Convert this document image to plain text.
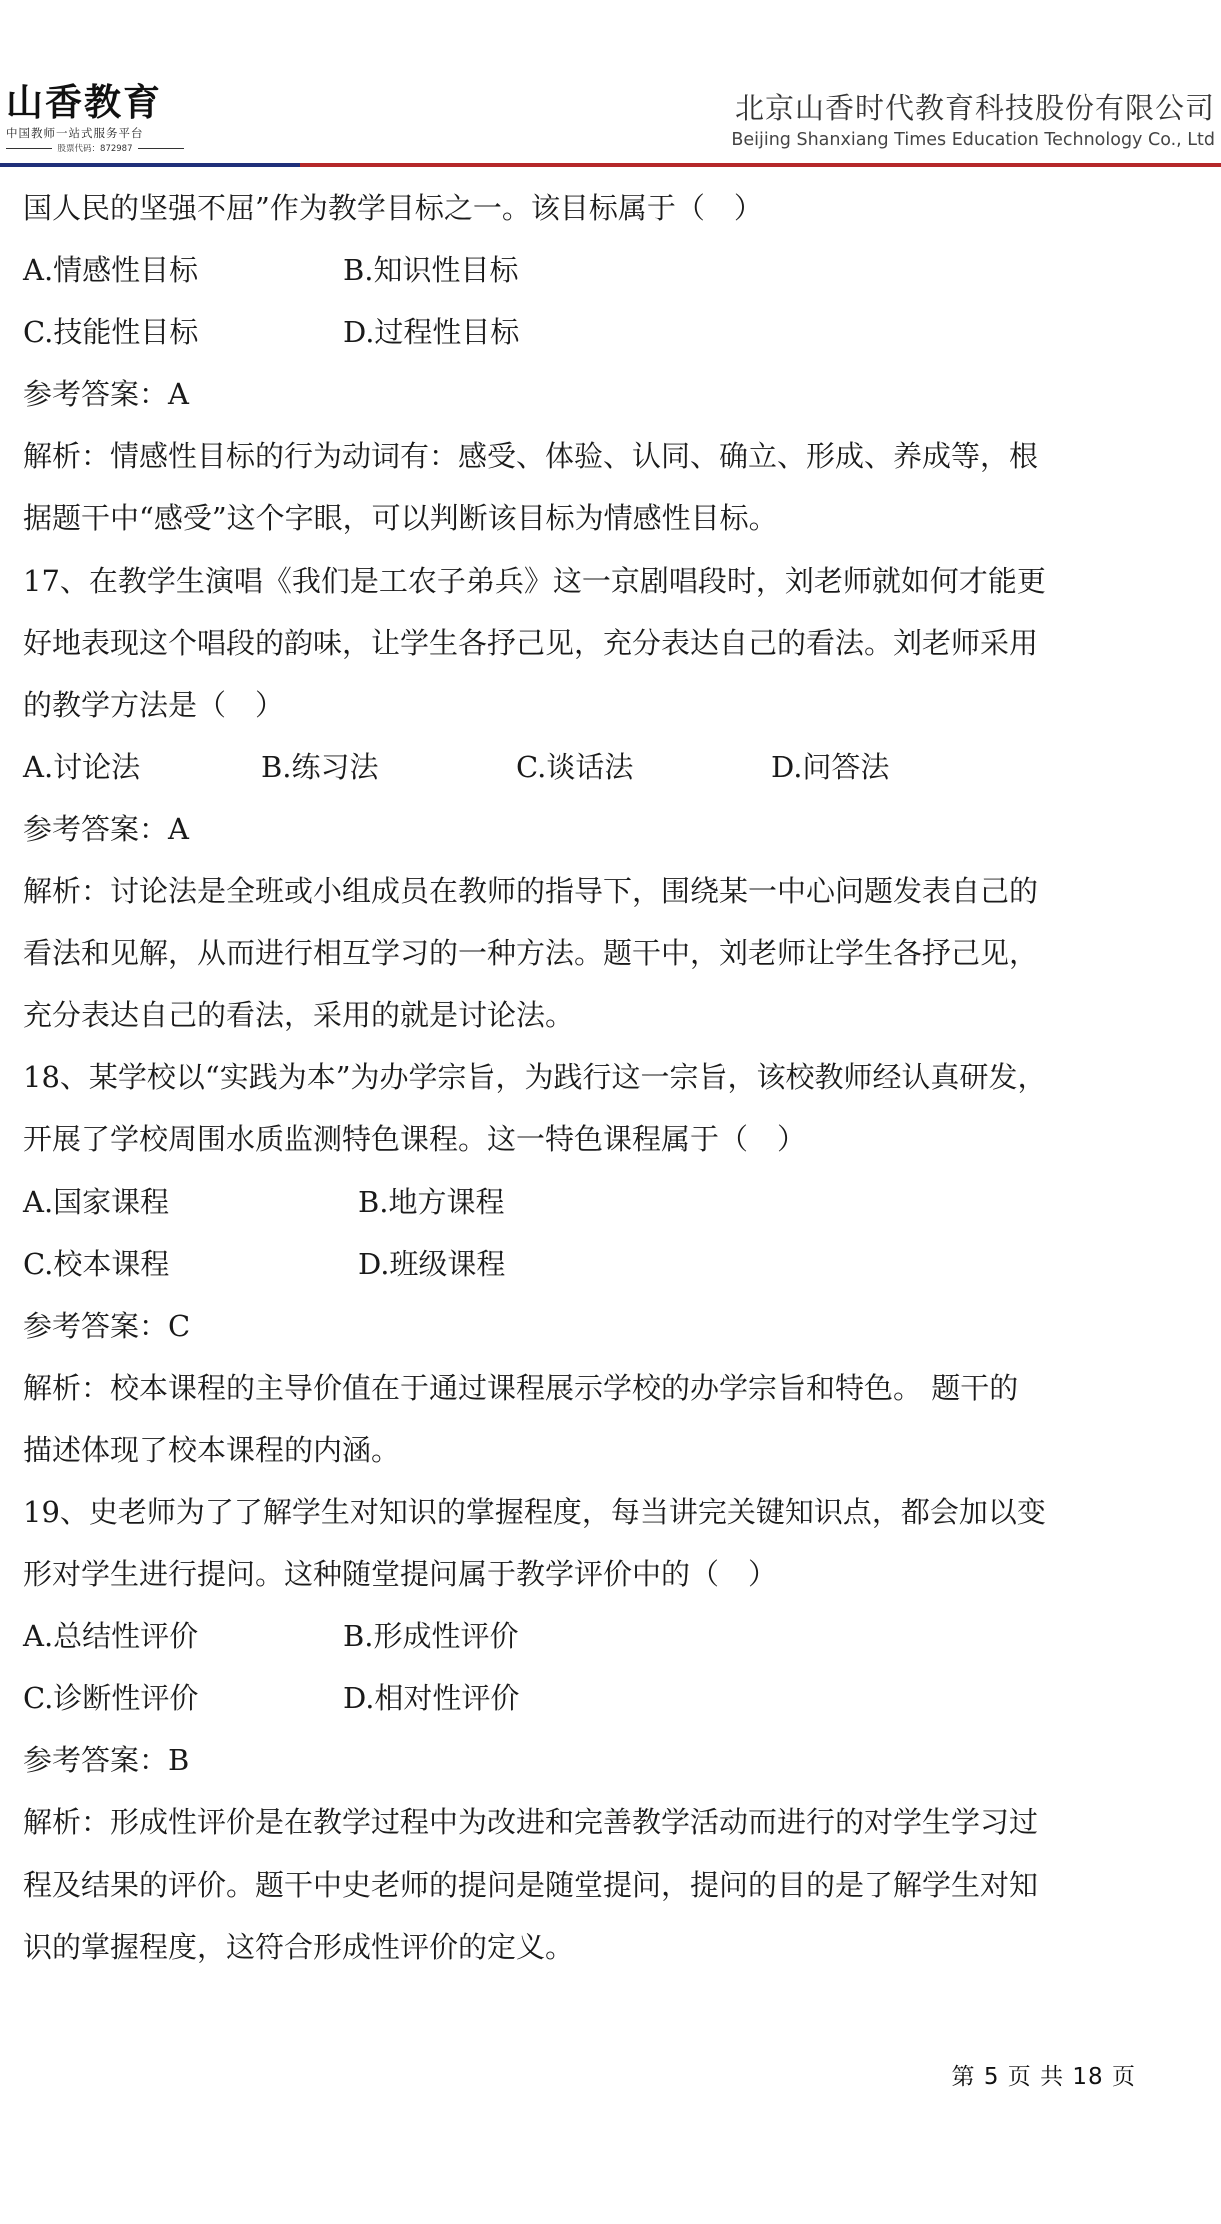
山香教育
中国教师一站式服务平台
股票代码：872987
北京山香时代教育科技股份有限公司
Beijing Shanxiang Times Education Technology Co., Ltd
国人民的坚强不屈”作为教学目标之一。该目标属于（　）
A.情感性目标	B.知识性目标
C.技能性目标	D.过程性目标
参考答案：A
解析：情感性目标的行为动词有：感受、体验、认同、确立、形成、养成等，根
据题干中“感受”这个字眼，可以判断该目标为情感性目标。
17、在教学生演唱《我们是工农子弟兵》这一京剧唱段时，刘老师就如何才能更
好地表现这个唱段的韵味，让学生各抒己见，充分表达自己的看法。刘老师采用
的教学方法是（　）
A.讨论法	B.练习法	C.谈话法	D.问答法
参考答案：A
解析：讨论法是全班或小组成员在教师的指导下，围绕某一中心问题发表自己的
看法和见解，从而进行相互学习的一种方法。题干中，刘老师让学生各抒己见，
充分表达自己的看法，采用的就是讨论法。
18、某学校以“实践为本”为办学宗旨，为践行这一宗旨，该校教师经认真研发，
开展了学校周围水质监测特色课程。这一特色课程属于（　）
A.国家课程	B.地方课程
C.校本课程	D.班级课程
参考答案：C
解析：校本课程的主导价值在于通过课程展示学校的办学宗旨和特色。 题干的
描述体现了校本课程的内涵。
19、史老师为了了解学生对知识的掌握程度，每当讲完关键知识点，都会加以变
形对学生进行提问。这种随堂提问属于教学评价中的（　）
A.总结性评价	B.形成性评价
C.诊断性评价	D.相对性评价
参考答案：B
解析：形成性评价是在教学过程中为改进和完善教学活动而进行的对学生学习过
程及结果的评价。题干中史老师的提问是随堂提问，提问的目的是了解学生对知
识的掌握程度，这符合形成性评价的定义。
第 5 页 共 18 页
